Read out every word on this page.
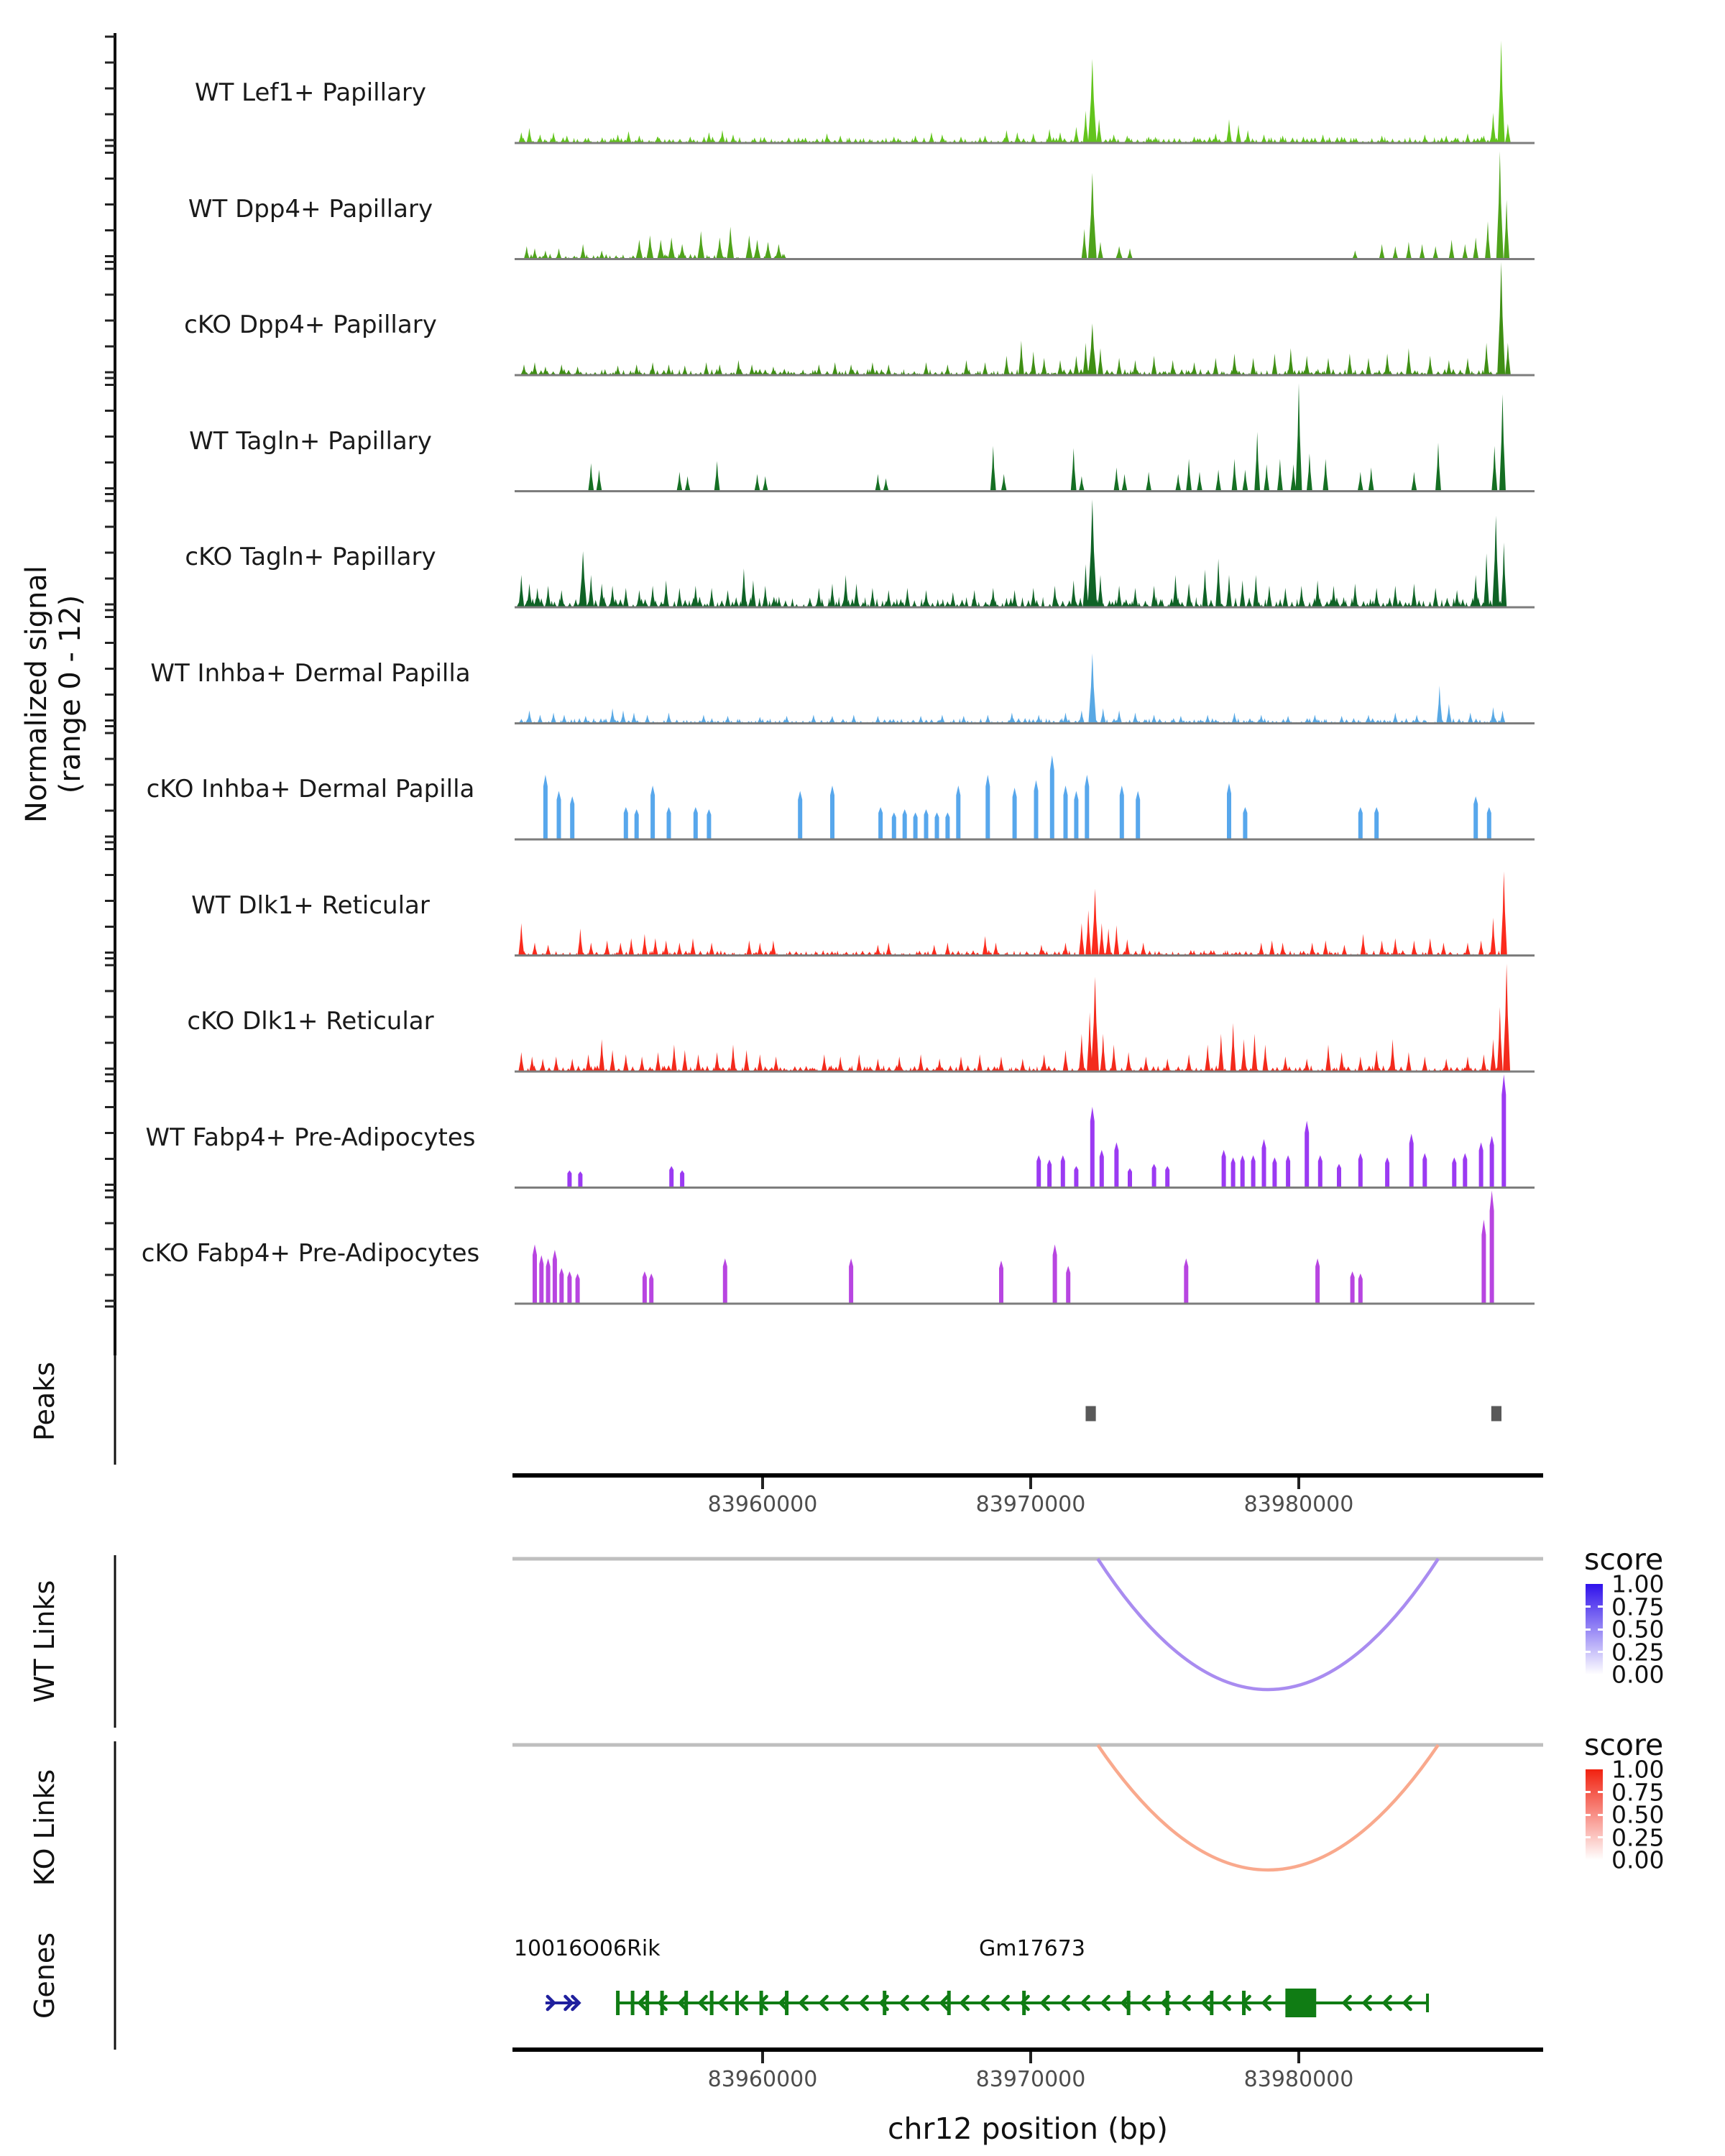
Normalized signal (range 0 - 12)
Peaks
WT Links
KO Links
Genes
chr12 position (bp)
WT Lef1+ Papillary
WT Dpp4+ Papillary
cKO Dpp4+ Papillary
WT Tagln+ Papillary
cKO Tagln+ Papillary
WT Inhba+ Dermal Papilla
cKO Inhba+ Dermal Papilla
WT Dlk1+ Reticular
cKO Dlk1+ Reticular
WT Fabp4+ Pre-Adipocytes
cKO Fabp4+ Pre-Adipocytes
83960000	83970000	83980000
83960000	83970000	83980000
score
1.00
0.75
0.50
0.25
0.00
score
1.00
0.75
0.50
0.25
0.00
10016O06Rik	Gm17673
